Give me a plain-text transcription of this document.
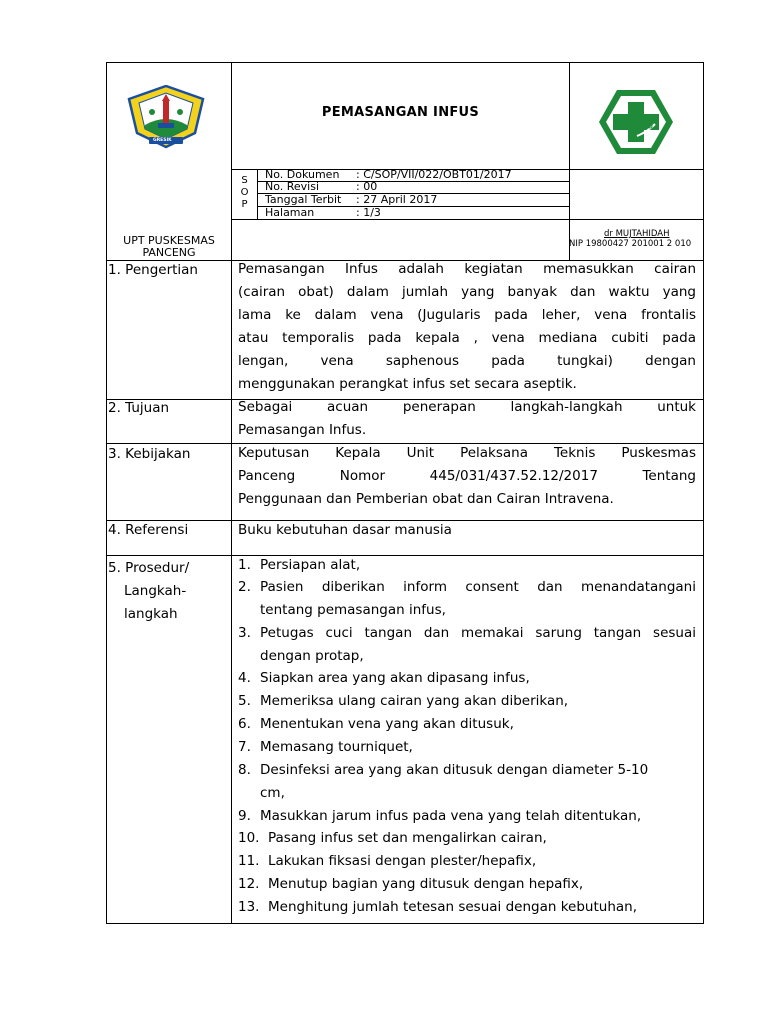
GRESIK
PEMASANGAN INFUS
S
O
P
No. Dokumen : C/SOP/VII/022/OBT01/2017
No. Revisi	: 00
Tanggal Terbit : 27 April 2017
Halaman	: 1/3
UPT PUSKESMAS
PANCENG
dr MUJTAHIDAH
NIP 19800427 201001 2 010
1. Pengertian	Pemasangan Infus adalah kegiatan memasukkan cairan
(cairan obat) dalam jumlah yang banyak dan waktu yang
lama ke dalam vena (Jugularis pada leher, vena frontalis
atau temporalis pada kepala , vena mediana cubiti pada
lengan, vena saphenous pada tungkai) dengan
menggunakan perangkat infus set secara aseptik.
2. Tujuan	Sebagai acuan penerapan langkah-langkah untuk
Pemasangan Infus.
3. Kebijakan	Keputusan Kepala Unit Pelaksana Teknis Puskesmas
Panceng Nomor 445/031/437.52.12/2017 Tentang
Penggunaan dan Pemberian obat dan Cairan Intravena.
4. Referensi	Buku kebutuhan dasar manusia
5. Prosedur/
Langkah-
langkah
1. Persiapan alat,
2. Pasien diberikan inform consent dan menandatangani
tentang pemasangan infus,
3. Petugas cuci tangan dan memakai sarung tangan sesuai
dengan protap,
4. Siapkan area yang akan dipasang infus,
5. Memeriksa ulang cairan yang akan diberikan,
6. Menentukan vena yang akan ditusuk,
7. Memasang tourniquet,
8. Desinfeksi area yang akan ditusuk dengan diameter 5-10
cm,
9. Masukkan jarum infus pada vena yang telah ditentukan,
10. Pasang infus set dan mengalirkan cairan,
11. Lakukan fiksasi dengan plester/hepafix,
12. Menutup bagian yang ditusuk dengan hepafix,
13. Menghitung jumlah tetesan sesuai dengan kebutuhan,
